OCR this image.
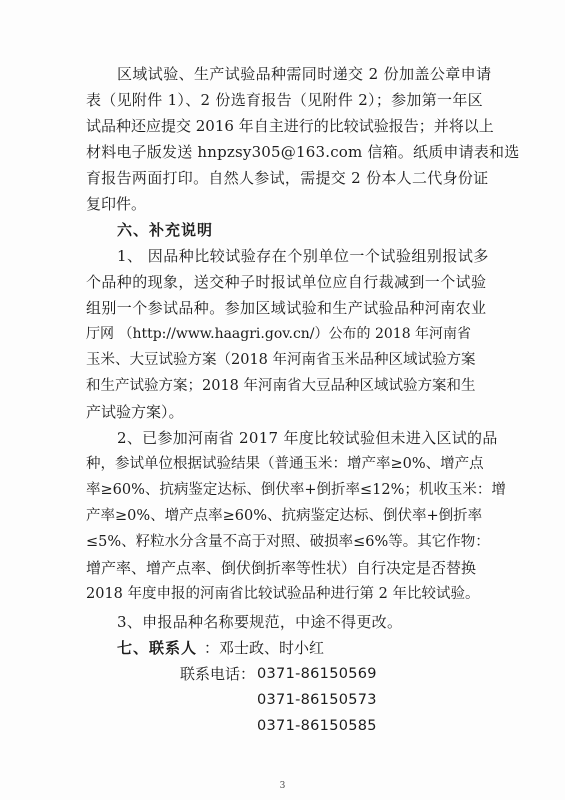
区域试验、生产试验品种需同时递交 2 份加盖公章申请
表（见附件 1）、2 份选育报告（见附件 2）；参加第一年区
试品种还应提交 2016 年自主进行的比较试验报告；并将以上
材料电子版发送 hnpzsy305@163.com 信箱。纸质申请表和选
育报告两面打印。自然人参试，需提交 2 份本人二代身份证
复印件。
六、补充说明
1、 因品种比较试验存在个别单位一个试验组别报试多
个品种的现象，送交种子时报试单位应自行裁减到一个试验
组别一个参试品种。参加区域试验和生产试验品种河南农业
厅网 （http://www.haagri.gov.cn/）公布的 2018 年河南省
玉米、大豆试验方案（2018 年河南省玉米品种区域试验方案
和生产试验方案；2018 年河南省大豆品种区域试验方案和生
产试验方案）。
2、已参加河南省 2017 年度比较试验但未进入区试的品
种，参试单位根据试验结果（普通玉米：增产率≥0%、增产点
率≥60%、抗病鉴定达标、倒伏率+倒折率≤12%；机收玉米：增
产率≥0%、增产点率≥60%、抗病鉴定达标、倒伏率+倒折率
≤5%、籽粒水分含量不高于对照、破损率≤6%等。其它作物：
增产率、增产点率、倒伏倒折率等性状）自行决定是否替换
2018 年度申报的河南省比较试验品种进行第 2 年比较试验。
3、申报品种名称要规范，中途不得更改。
七、联系人 ：邓士政、时小红
联系电话： 0371-86150569
0371-86150573
0371-86150585
3
